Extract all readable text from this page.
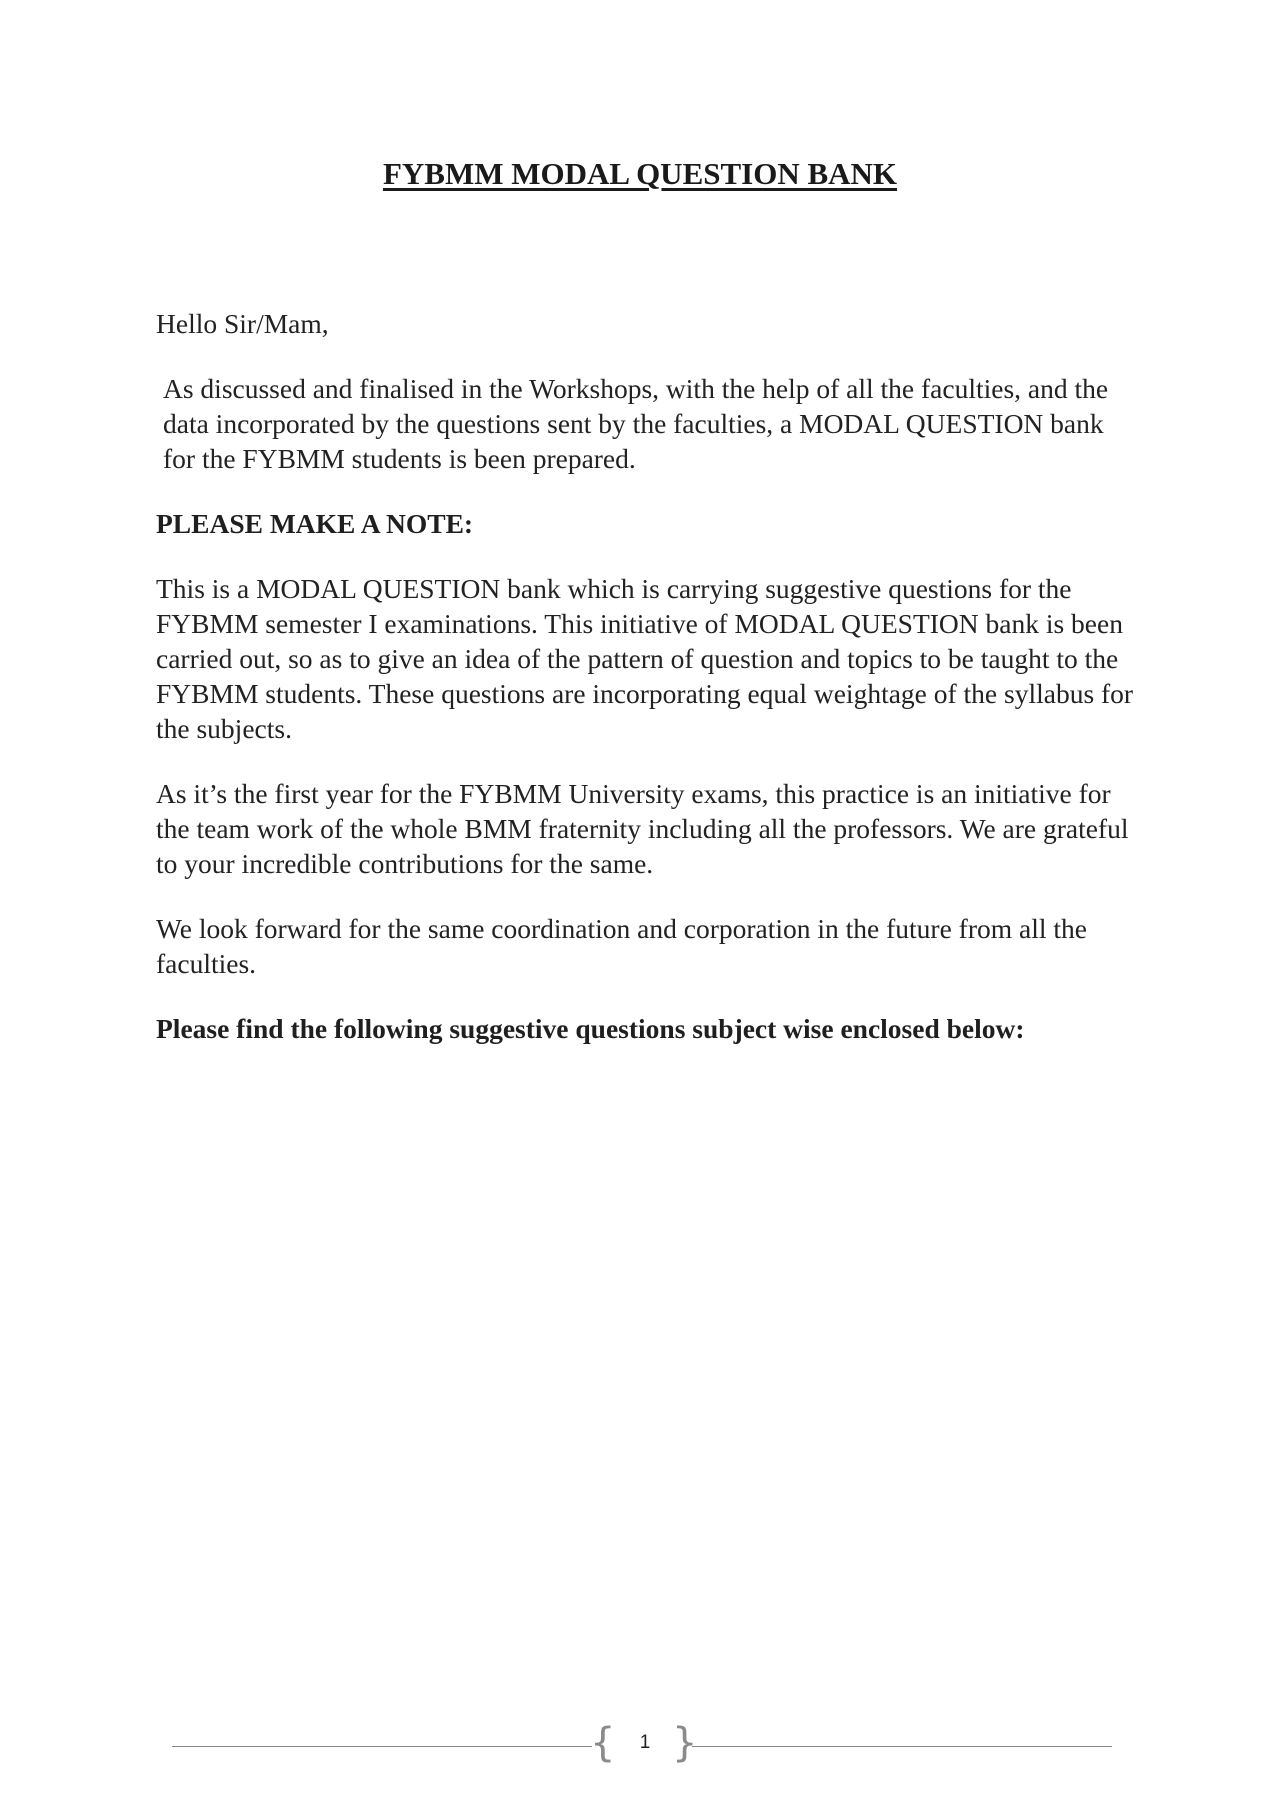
FYBMM MODAL QUESTION BANK

Hello Sir/Mam,

As discussed and finalised in the Workshops, with the help of all the faculties, and the data incorporated by the questions sent by the faculties, a MODAL QUESTION bank for the FYBMM students is been prepared.

PLEASE MAKE A NOTE:

This is a MODAL QUESTION bank which is carrying suggestive questions for the FYBMM semester I examinations. This initiative of MODAL QUESTION bank is been carried out, so as to give an idea of the pattern of question and topics to be taught to the FYBMM students. These questions are incorporating equal weightage of the syllabus for the subjects.

As it’s the first year for the FYBMM University exams, this practice is an initiative for the team work of the whole BMM fraternity including all the professors. We are grateful to your incredible contributions for the same.

We look forward for the same coordination and corporation in the future from all the faculties.

Please find the following suggestive questions subject wise enclosed below:

{	1 }
